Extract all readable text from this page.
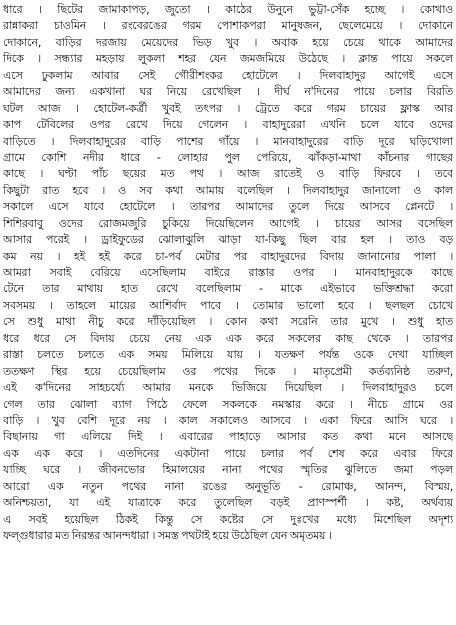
ধারে । ছিটের জামাকাপড়, জুতো । কাঠের উনুনে ভুট্টা-সেঁক হচ্ছে । কোথাও
রান্নাকরা চাওমিন । রংবেরঙের গরম পোশাকপরা মানুষজন, ছেলেমেয়ে । দোকানে
দোকানে, বাড়ির দরজায় মেয়েদের ভিড় খুব । অবাক হয়ে চেয়ে থাকে আমাদের
দিকে । সন্ধ্যার মহড়ায় লুকলা শহর যেন জমজমিয়ে উঠেছে । ক্লান্ত পায়ে সকলে
এসে ঢুকলাম আবার সেই গৌরীশংকর হোটেলে । দিলবাহাদুর আগেই এসে
আমাদের জন্য একখানা ঘর নিয়ে রেখেছিল । দীর্ঘ ন'দিনের পায়ে চলার বিরতি
ঘটল আজ । হোটেল-কর্ত্রী খুবই তৎপর । ট্রেতে করে গরম চায়ের ফ্লাস্ক আর
কাপ টেবিলের ওপর রেখে দিয়ে গেলেন । বাহাদুরেরা এখনি চলে যাবে ওদের
বাড়িতে । দিলবাহাদুরের বাড়ি পাশের গাঁয়ে । মানবাহাদুরের বাড়ি দূরে ঘড়িখোলা
গ্রামে কোশি নদীর ধারে - লোহার পুল পেরিয়ে, ঝাঁকড়া-মাথা কাঁচনার গাছের
কাছে । ঘণ্টা পাঁচ ছয়ের মত পথ । আজ রাতেই ও বাড়ি ফিরবে । তবে
কিছুটা রাত হবে । ও সব কথা আমায় বলেছিল । দিলবাহাদুর জানালো ও কাল
সকালে এসে যাবে হোটেলে । তারপর আমাদের তুলে দিয়ে আসবে প্লেনটে ।
শিশিরবাবু ওদের রোজমজুরি চুকিয়ে দিয়েছিলেন আগেই । চায়ের আসর বসেছিল
আসার পরেই । ড্রাইফুডের ঝোলাঝুলি ঝাড়া যা-কিছু ছিল বার হল । তাও বড়
কম নয় । হই হই করে চা-পর্ব মেটার পর বাহাদুরদের বিদায় জানানোর পালা ।
আমরা সবাই বেরিয়ে এসেছিলাম বাইরে রাস্তার ওপর । মানবাহাদুরকে কাছে
টেনে তার মাথায় হাত রেখে বলেছিলাম - মাকে এইভাবে ভক্তিশ্রদ্ধা করো
সবসময় । তাহলে মায়ের আশির্বাদ পাবে । তোমার ভালো হবে । ছলছল চোখে
সে শুধু মাথা নীচু করে দাঁড়িয়েছিল । কোন কথা সরেনি তার মুখে । শুধু হাত
ধরে ধরে সে বিদায় চেয়ে নেয় এক এক করে সকলের কাছ থেকে । তারপর
রাস্তা চলতে চলতে এক সময় মিলিয়ে যায় । যতক্ষণ পর্যন্ত ওকে দেখা যাচ্ছিল
ততক্ষণ স্থির হয়ে চেয়েছিলাম ওর পথের দিকে । মাতৃপ্রেমী কর্তব্যনিষ্ঠ তরুণ,
এই ক'দিনের সাহচর্য্যে আমার মনকে ভিজিয়ে দিয়েছিল । দিলবাহাদুরও চলে
গেল তার ঝোলা ব্যাগ পিঠে ফেলে সকলকে নমস্কার করে । নীচে গ্রামে ওর
বাড়ি । খুব বেশি দূরে নয় । কাল সকালেও আসবে । একা ফিরে আসি ঘরে ।
বিছানায় গা এলিয়ে দিই । এবারের পাহাড়ে আসার কত কথা মনে আসছে
এক এক করে । এতদিনের একটানা পায়ে চলার পর্ব শেষ করে এবার ফিরে
যাচ্ছি ঘরে । জীবনভোর হিমালয়ের নানা পথের স্মৃতির ঝুলিতে জমা পড়ল
আরো এক নতুন পথের নানা রঙের অনুভূতি - রোমাঞ্চ, আনন্দ, বিস্ময়,
অনিশ্চয়তা, যা এই যাত্রাকে করে তুলেছিল বড়ই প্রাণস্পর্শী । কষ্ট, অর্থব্যয়
এ সবই হয়েছিল ঠিকই কিন্তু সে কষ্টের সে দুঃখের মধ্যে মিশেছিল অদৃশ্য
ফল্গুধারার মত নিরন্তর আনন্দধারা । সমস্ত পথটাই হয়ে উঠেছিল যেন অমৃতময় ।
